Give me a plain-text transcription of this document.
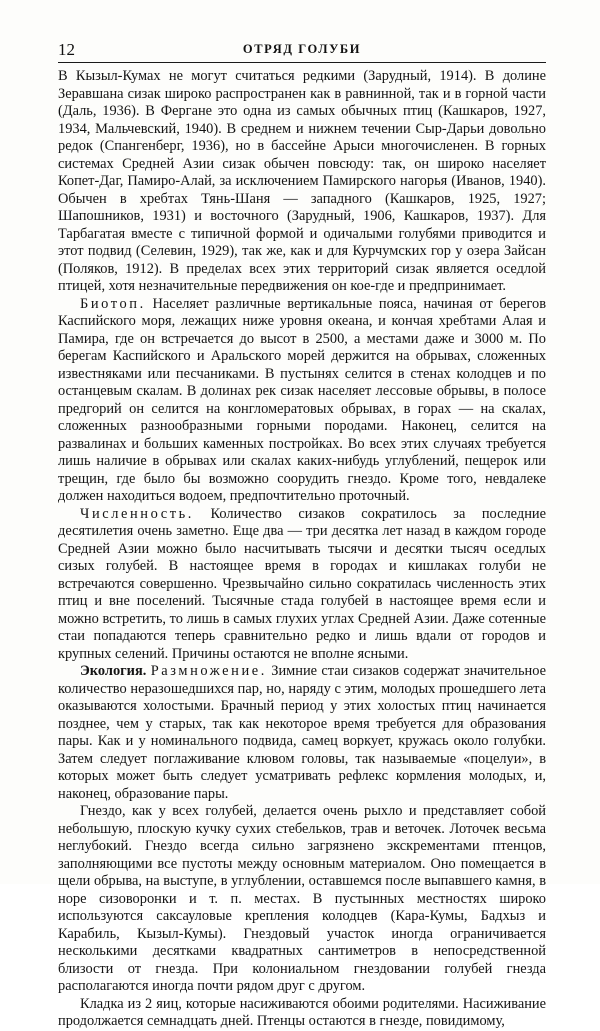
12	ОТРЯД ГОЛУБИ

В Кызыл-Кумах не могут считаться редкими (Зарудный, 1914). В долине Зеравшана сизак широко распространен как в равнинной, так и в горной части (Даль, 1936). В Фергане это одна из самых обычных птиц (Кашкаров, 1927, 1934, Мальчевский, 1940). В среднем и нижнем течении Сыр-Дарьи довольно редок (Спангенберг, 1936), но в бассейне Арыси многочисленен. В горных системах Средней Азии сизак обычен повсюду: так, он широко населяет Копет-Даг, Памиро-Алай, за исключением Памирского нагорья (Иванов, 1940). Обычен в хребтах Тянь-Шаня — западного (Кашкаров, 1925, 1927; Шапошников, 1931) и восточного (Зарудный, 1906, Кашкаров, 1937). Для Тарбагатая вместе с типичной формой и одичалыми голубями приводится и этот подвид (Селевин, 1929), так же, как и для Курчумских гор у озера Зайсан (Поляков, 1912). В пределах всех этих территорий сизак является оседлой птицей, хотя незначительные передвижения он кое-где и предпринимает.

Биотоп. Населяет различные вертикальные пояса, начиная от берегов Каспийского моря, лежащих ниже уровня океана, и кончая хребтами Алая и Памира, где он встречается до высот в 2500, а местами даже и 3000 м. По берегам Каспийского и Аральского морей держится на обрывах, сложенных известняками или песчаниками. В пустынях селится в стенах колодцев и по останцевым скалам. В долинах рек сизак населяет лессовые обрывы, в полосе предгорий он селится на конгломератовых обрывах, в горах — на скалах, сложенных разнообразными горными породами. Наконец, селится на развалинах и больших каменных постройках. Во всех этих случаях требуется лишь наличие в обрывах или скалах каких-нибудь углублений, пещерок или трещин, где было бы возможно соорудить гнездо. Кроме того, невдалеке должен находиться водоем, предпочтительно проточный.

Численность. Количество сизаков сократилось за последние десятилетия очень заметно. Еще два — три десятка лет назад в каждом городе Средней Азии можно было насчитывать тысячи и десятки тысяч оседлых сизых голубей. В настоящее время в городах и кишлаках голуби не встречаются совершенно. Чрезвычайно сильно сократилась численность этих птиц и вне поселений. Тысячные стада голубей в настоящее время если и можно встретить, то лишь в самых глухих углах Средней Азии. Даже сотенные стаи попадаются теперь сравнительно редко и лишь вдали от городов и крупных селений. Причины остаются не вполне ясными.

Экология. Размножение. Зимние стаи сизаков содержат значительное количество неразошедшихся пар, но, наряду с этим, молодых прошедшего лета оказываются холостыми. Брачный период у этих холостых птиц начинается позднее, чем у старых, так как некоторое время требуется для образования пары. Как и у номинального подвида, самец воркует, кружась около голубки. Затем следует поглаживание клювом головы, так называемые «поцелуи», в которых может быть следует усматривать рефлекс кормления молодых, и, наконец, образование пары.

Гнездо, как у всех голубей, делается очень рыхло и представляет собой небольшую, плоскую кучку сухих стебельков, трав и веточек. Лоточек весьма неглубокий. Гнездо всегда сильно загрязнено экскрементами птенцов, заполняющими все пустоты между основным материалом. Оно помещается в щели обрыва, на выступе, в углублении, оставшемся после выпавшего камня, в норе сизоворонки и т. п. местах. В пустынных местностях широко используются саксауловые крепления колодцев (Кара-Кумы, Бадхыз и Карабиль, Кызыл-Кумы). Гнездовый участок иногда ограничивается несколькими десятками квадратных сантиметров в непосредственной близости от гнезда. При колониальном гнездовании голубей гнезда располагаются иногда почти рядом друг с другом.

Кладка из 2 яиц, которые насиживаются обоими родителями. Насиживание продолжается семнадцать дней. Птенцы остаются в гнезде, повидимому,
